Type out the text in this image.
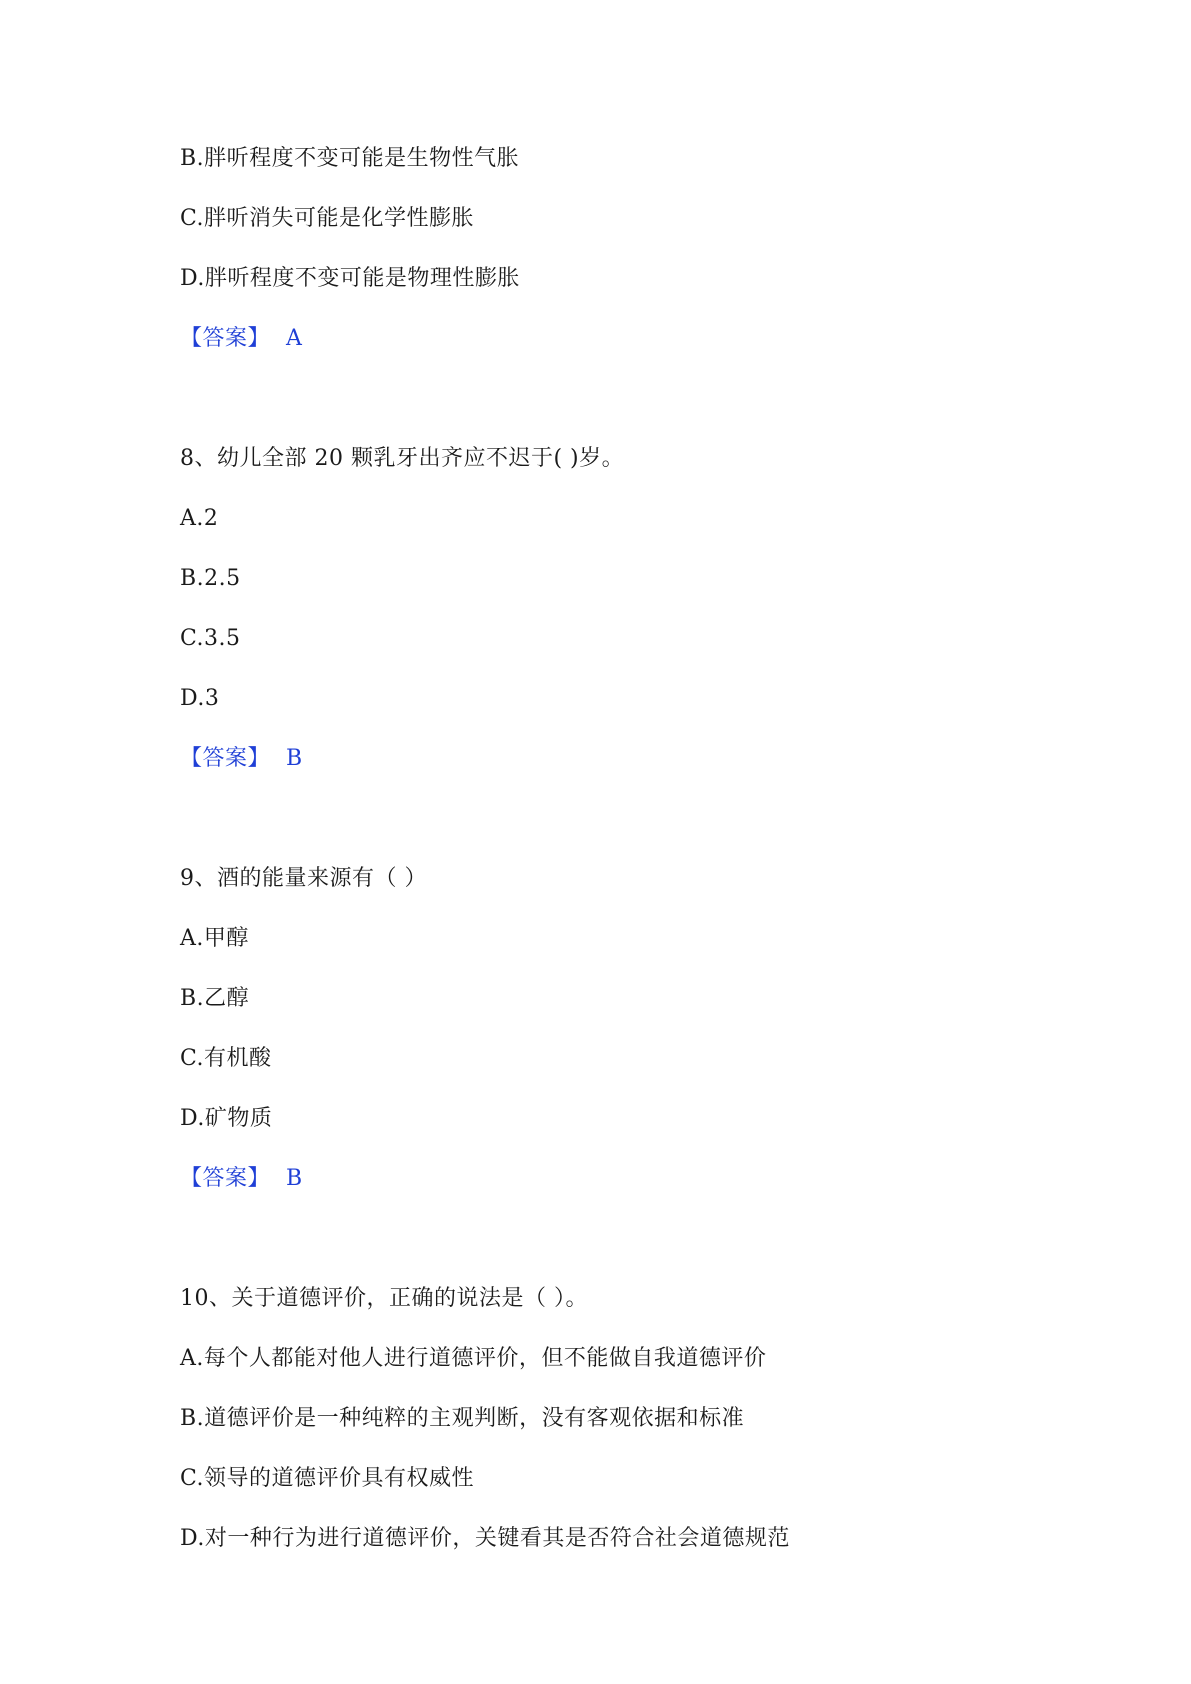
B.胖听程度不变可能是生物性气胀
C.胖听消失可能是化学性膨胀
D.胖听程度不变可能是物理性膨胀
【答案】 A
8、幼儿全部 20 颗乳牙出齐应不迟于( )岁。
A.2
B.2.5
C.3.5
D.3
【答案】 B
9、酒的能量来源有（ ）
A.甲醇
B.乙醇
C.有机酸
D.矿物质
【答案】 B
10、关于道德评价，正确的说法是（ ）。
A.每个人都能对他人进行道德评价，但不能做自我道德评价
B.道德评价是一种纯粹的主观判断，没有客观依据和标准
C.领导的道德评价具有权威性
D.对一种行为进行道德评价，关键看其是否符合社会道德规范
